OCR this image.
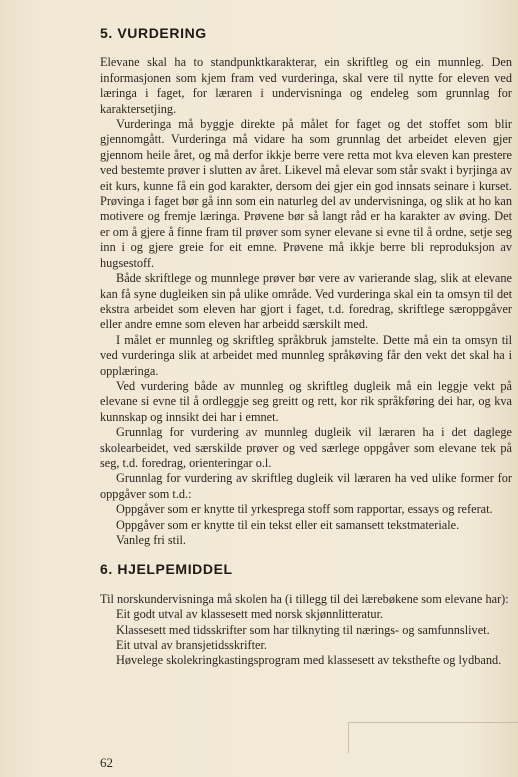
5. VURDERING

Elevane skal ha to standpunktkarakterar, ein skriftleg og ein munnleg. Den informasjonen som kjem fram ved vurderinga, skal vere til nytte for eleven ved læringa i faget, for læraren i undervisninga og endeleg som grunnlag for karaktersetjing.

Vurderinga må byggje direkte på målet for faget og det stoffet som blir gjennomgått. Vurderinga må vidare ha som grunnlag det arbeidet eleven gjer gjennom heile året, og må derfor ikkje berre vere retta mot kva eleven kan prestere ved bestemte prøver i slutten av året. Likevel må elevar som står svakt i byrjinga av eit kurs, kunne få ein god karakter, dersom dei gjer ein god innsats seinare i kurset. Prøvinga i faget bør gå inn som ein naturleg del av undervisninga, og slik at ho kan motivere og fremje læringa. Prøvene bør så langt råd er ha karakter av øving. Det er om å gjere å finne fram til prøver som syner elevane si evne til å ordne, setje seg inn i og gjere greie for eit emne. Prøvene må ikkje berre bli reproduksjon av hugsestoff.

Både skriftlege og munnlege prøver bør vere av varierande slag, slik at elevane kan få syne dugleiken sin på ulike område. Ved vurderinga skal ein ta omsyn til det ekstra arbeidet som eleven har gjort i faget, t.d. foredrag, skriftlege særoppgåver eller andre emne som eleven har arbeidd særskilt med.

I målet er munnleg og skriftleg språkbruk jamstelte. Dette må ein ta omsyn til ved vurderinga slik at arbeidet med munnleg språkøving får den vekt det skal ha i opplæringa.

Ved vurdering både av munnleg og skriftleg dugleik må ein leggje vekt på elevane si evne til å ordleggje seg greitt og rett, kor rik språkføring dei har, og kva kunnskap og innsikt dei har i emnet.

Grunnlag for vurdering av munnleg dugleik vil læraren ha i det daglege skolearbeidet, ved særskilde prøver og ved særlege oppgåver som elevane tek på seg, t.d. foredrag, orienteringar o.l.

Grunnlag for vurdering av skriftleg dugleik vil læraren ha ved ulike former for oppgåver som t.d.:

Oppgåver som er knytte til yrkesprega stoff som rapportar, essays og referat.

Oppgåver som er knytte til ein tekst eller eit samansett tekstmateriale.

Vanleg fri stil.

6. HJELPEMIDDEL

Til norskundervisninga må skolen ha (i tillegg til dei lærebøkene som elevane har):

Eit godt utval av klassesett med norsk skjønnlitteratur.

Klassesett med tidsskrifter som har tilknyting til nærings- og samfunnslivet.

Eit utval av bransjetidsskrifter.

Høvelege skolekringkastingsprogram med klassesett av tekstheftе og lydband.

62
